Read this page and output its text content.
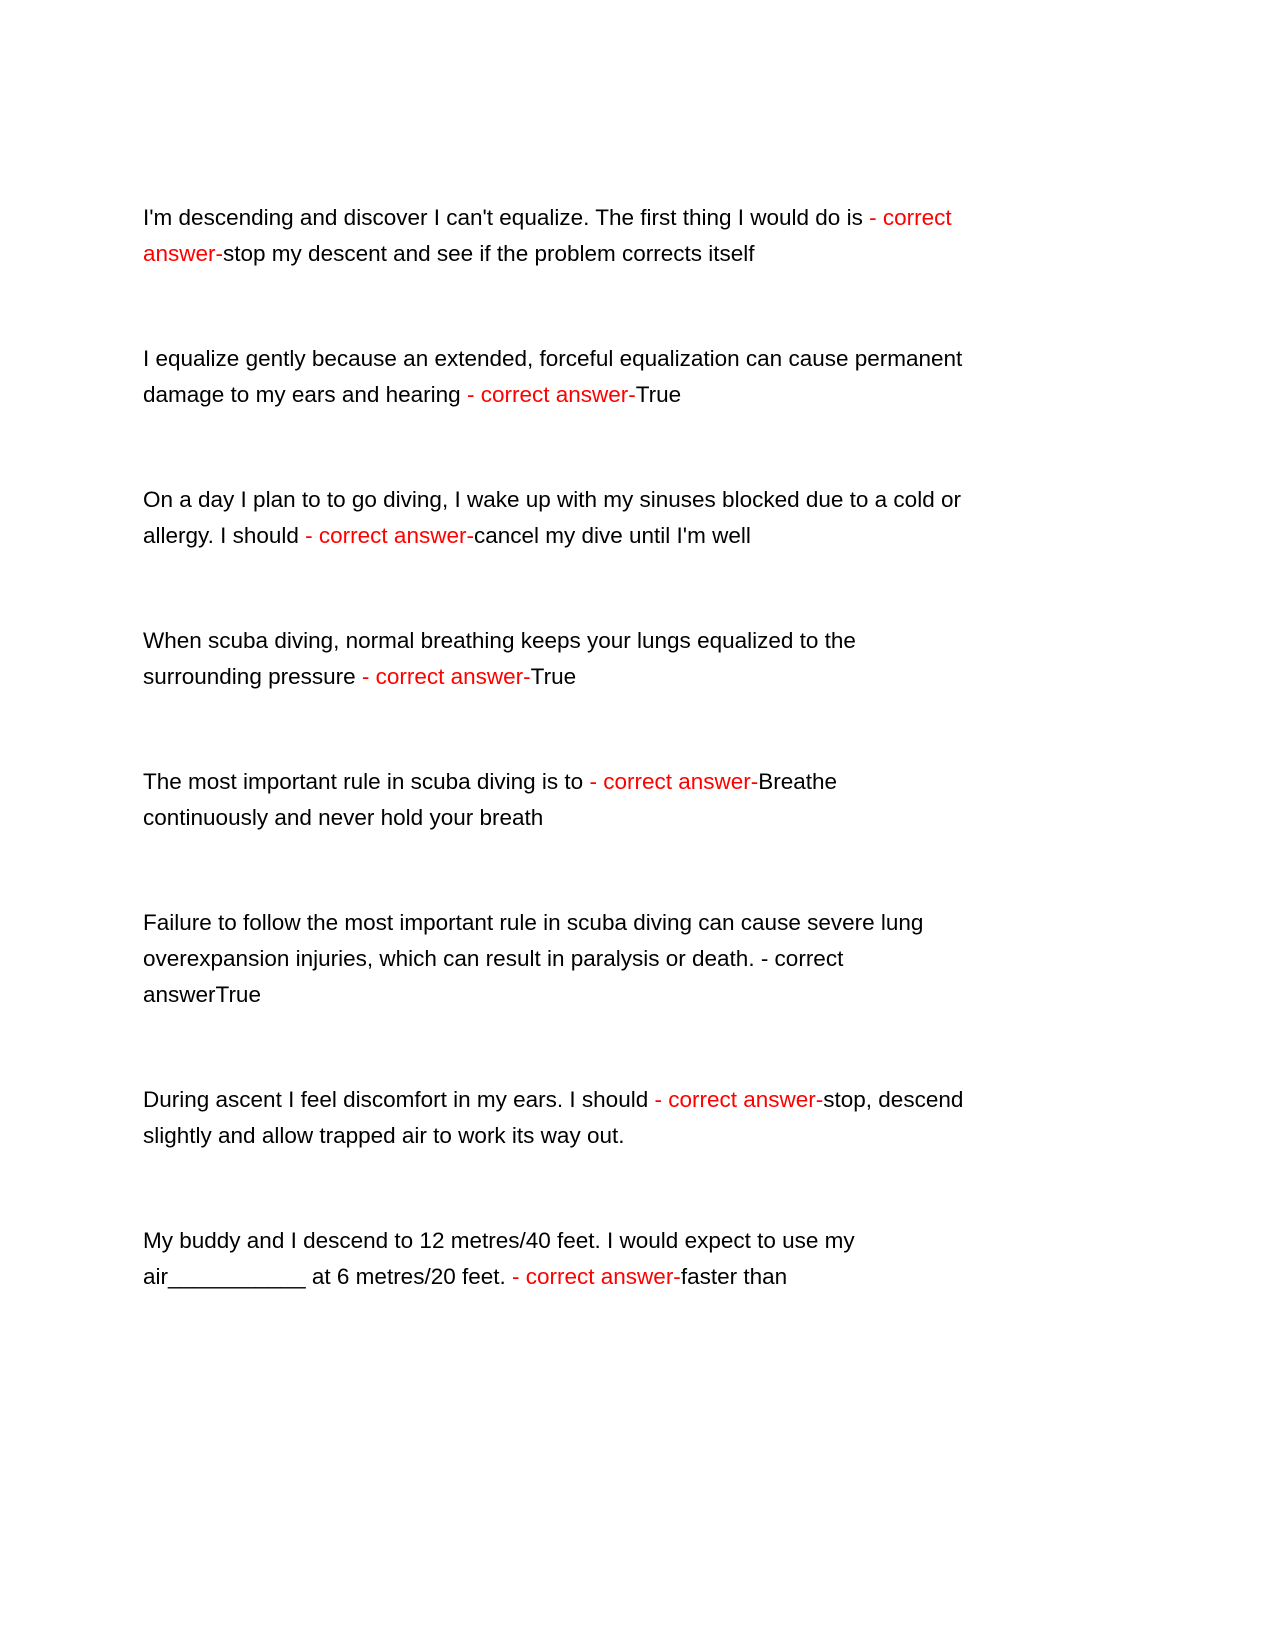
I'm descending and discover I can't equalize. The first thing I would do is - correct
answer-stop my descent and see if the problem corrects itself
I equalize gently because an extended, forceful equalization can cause permanent
damage to my ears and hearing - correct answer-True
On a day I plan to to go diving, I wake up with my sinuses blocked due to a cold or
allergy. I should - correct answer-cancel my dive until I'm well
When scuba diving, normal breathing keeps your lungs equalized to the
surrounding pressure - correct answer-True
The most important rule in scuba diving is to - correct answer-Breathe
continuously and never hold your breath
Failure to follow the most important rule in scuba diving can cause severe lung
overexpansion injuries, which can result in paralysis or death. - correct
answerTrue
During ascent I feel discomfort in my ears. I should - correct answer-stop, descend
slightly and allow trapped air to work its way out.
My buddy and I descend to 12 metres/40 feet. I would expect to use my
air___________ at 6 metres/20 feet. - correct answer-faster than
